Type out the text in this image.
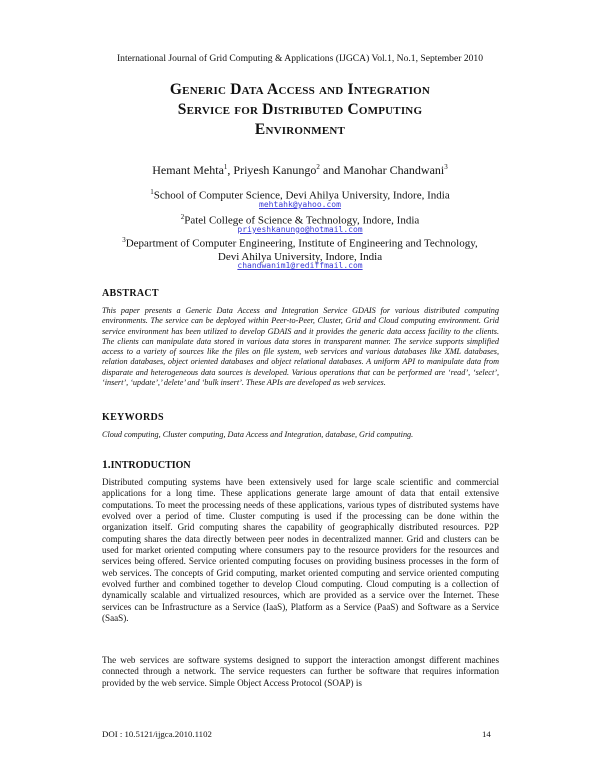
International Journal of Grid Computing & Applications (IJGCA) Vol.1, No.1, September 2010
Generic Data Access and Integration
Service for Distributed Computing
Environment
Hemant Mehta$^1$, Priyesh Kanungo$^2$ and Manohar Chandwani$^3$
$^1$School of Computer Science, Devi Ahilya University, Indore, India
mehtahk@yahoo.com
$^2$Patel College of Science & Technology, Indore, India
priyeshkanungo@hotmail.com
$^3$Department of Computer Engineering, Institute of Engineering and Technology,
Devi Ahilya University, Indore, India
chandwanim1@rediffmail.com
ABSTRACT
This paper presents a Generic Data Access and Integration Service GDAIS for various distributed computing environments. The service can be deployed within Peer-to-Peer, Cluster, Grid and Cloud computing environment. Grid service environment has been utilized to develop GDAIS and it provides the generic data access facility to the clients. The clients can manipulate data stored in various data stores in transparent manner. The service supports simplified access to a variety of sources like the files on file system, web services and various databases like XML databases, relation databases, object oriented databases and object relational databases. A uniform API to manipulate data from disparate and heterogeneous data sources is developed. Various operations that can be performed are ‘read’, ‘select’, ‘insert’, ‘update’,’ delete’ and ‘bulk insert’. These APIs are developed as web services.
KEYWORDS
Cloud computing, Cluster computing, Data Access and Integration, database, Grid computing.
1.INTRODUCTION
Distributed computing systems have been extensively used for large scale scientific and commercial applications for a long time. These applications generate large amount of data that entail extensive computations. To meet the processing needs of these applications, various types of distributed systems have evolved over a period of time. Cluster computing is used if the processing can be done within the organization itself. Grid computing shares the capability of geographically distributed resources. P2P computing shares the data directly between peer nodes in decentralized manner. Grid and clusters can be used for market oriented computing where consumers pay to the resource providers for the resources and services being offered. Service oriented computing focuses on providing business processes in the form of web services. The concepts of Grid computing, market oriented computing and service oriented computing evolved further and combined together to develop Cloud computing. Cloud computing is a collection of dynamically scalable and virtualized resources, which are provided as a service over the Internet. These services can be Infrastructure as a Service (IaaS), Platform as a Service (PaaS) and Software as a Service (SaaS).
The web services are software systems designed to support the interaction amongst different machines connected through a network. The service requesters can further be software that requires information provided by the web service. Simple Object Access Protocol (SOAP) is
DOI : 10.5121/ijgca.2010.1102	14
